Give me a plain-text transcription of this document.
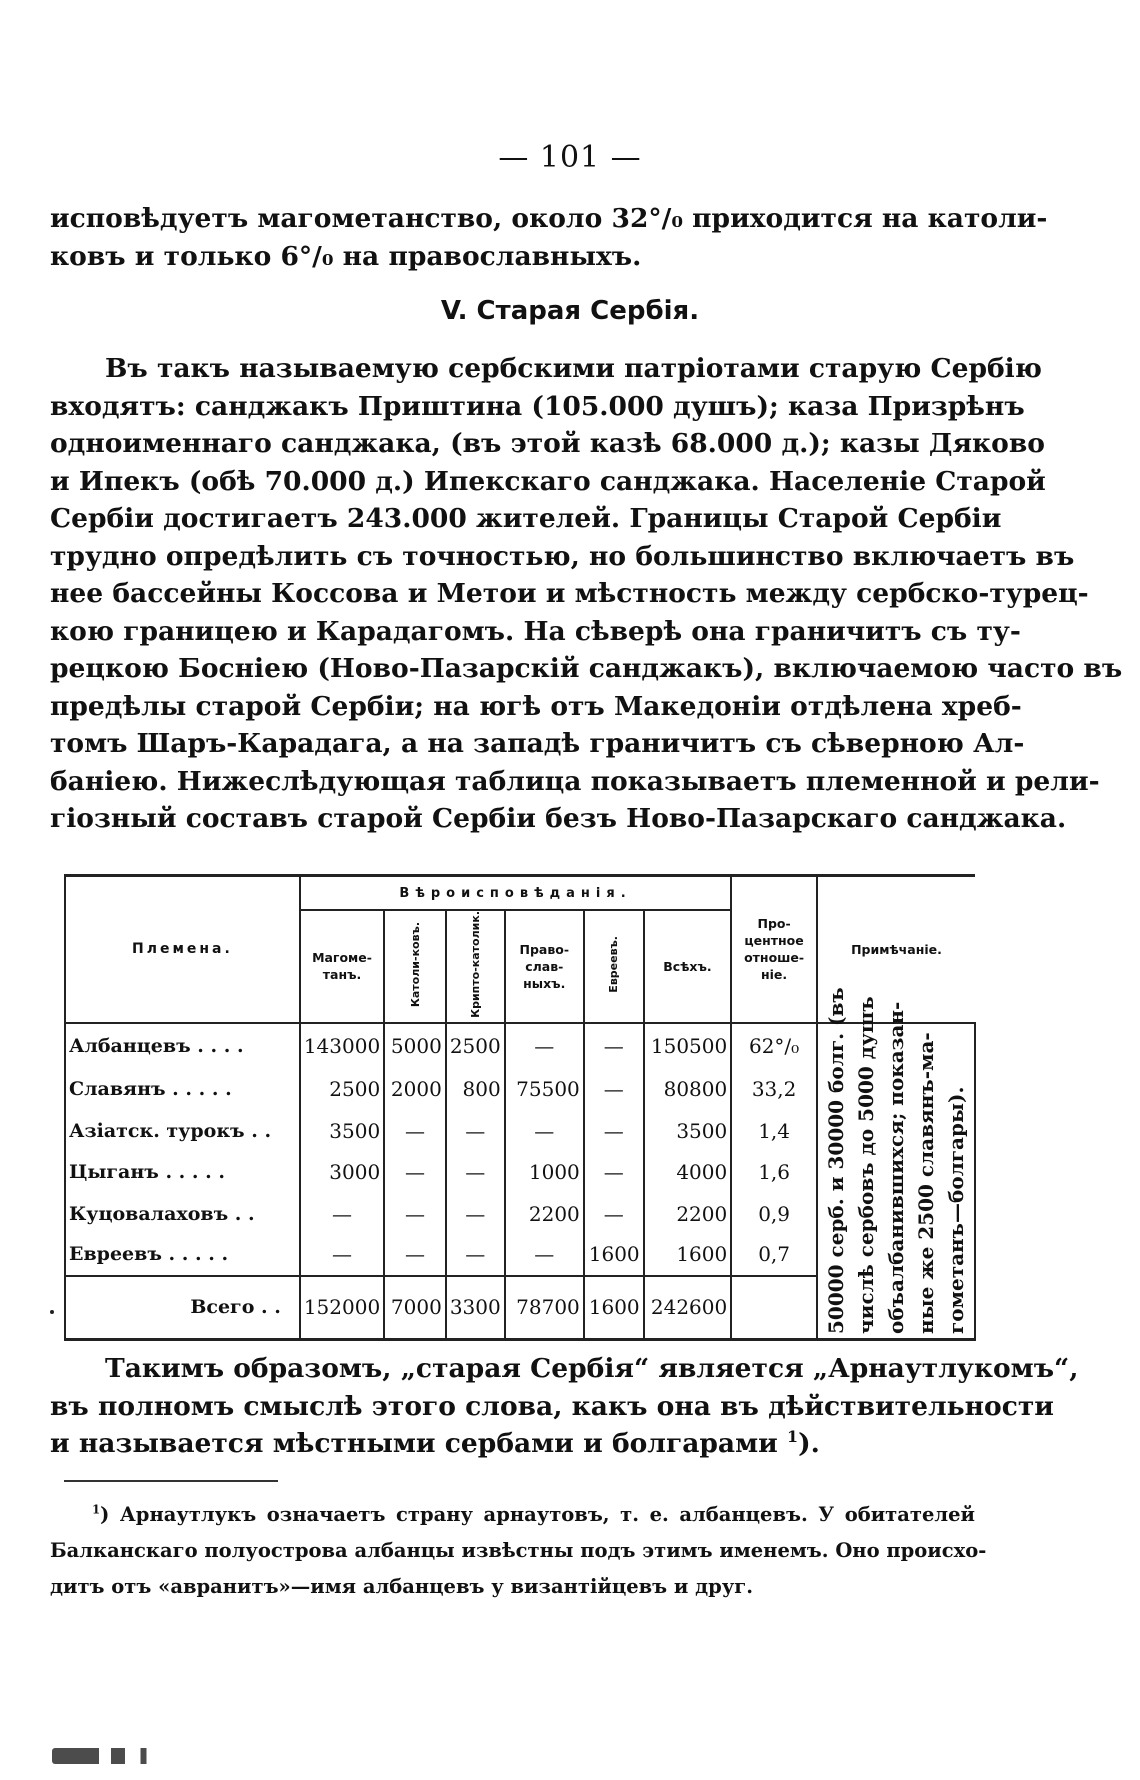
— 101 —
исповѣдуетъ магометанство, около 32°/₀ приходится на католи-
ковъ и только 6°/₀ на православныхъ.
V. Старая Сербія.
Въ такъ называемую сербскими патріотами старую Сербію
входятъ: санджакъ Приштина (105.000 душъ); каза Призрѣнъ
одноименнаго санджака, (въ этой казѣ 68.000 д.); казы Дяково
и Ипекъ (обѣ 70.000 д.) Ипекскаго санджака. Населеніе Старой
Сербіи достигаетъ 243.000 жителей. Границы Старой Сербіи
трудно опредѣлить съ точностью, но большинство включаетъ въ
нее бассейны Коссова и Метои и мѣстность между сербско-турец-
кою границею и Карадагомъ. На сѣверѣ она граничитъ съ ту-
рецкою Босніею (Ново-Пазарскій санджакъ), включаемою часто въ
предѣлы старой Сербіи; на югѣ отъ Македоніи отдѣлена хреб-
томъ Шаръ-Карадага, а на западѣ граничитъ съ сѣверною Ал-
баніею. Нижеслѣдующая таблица показываетъ племенной и рели-
гіозный составъ старой Сербіи безъ Ново-Пазарскаго санджака.
Племена.	Вѣроисповѣданія.						Про-
центное
отноше-
ніе.	Примѣчаніе.
	Магоме-
танъ.	Католи-ковъ.	Крипто-католик.	Право-
слав-
ныхъ.	Евреевъ.	Всѣхъ.		
Албанцевъ . . . .	143000	5000	2500	—	—	150500	62°/₀	50000 серб. и 30000 болг. (въ числѣ сербовъ до 5000 душъ объалбанившихся; показан- ные же 2500 славянъ-ма- гометанъ—болгары).

Славянъ . . . . .	2500	2000	800	75500	—	80800	33,2	
Азіатск. турокъ . .	3500	—	—	—	—	3500	1,4	
Цыганъ . . . . .	3000	—	—	1000	—	4000	1,6	
Куцовалаховъ . .	—	—	—	2200	—	2200	0,9	
Евреевъ . . . . .	—	—	—	—	1600	1600	0,7	
Всего . .	152000	7000	3300	78700	1600	242600		
Такимъ образомъ, „старая Сербія“ является „Арнаутлукомъ“,
въ полномъ смыслѣ этого слова, какъ она въ дѣйствительности
и называется мѣстными сербами и болгарами $^1$).
$^1$) Арнаутлукъ означаетъ страну арнаутовъ, т. е. албанцевъ. У обитателей
Балканскаго полуострова албанцы извѣстны подъ этимъ именемъ. Оно происхо-
дитъ отъ «авранитъ»—имя албанцевъ у византійцевъ и друг.
